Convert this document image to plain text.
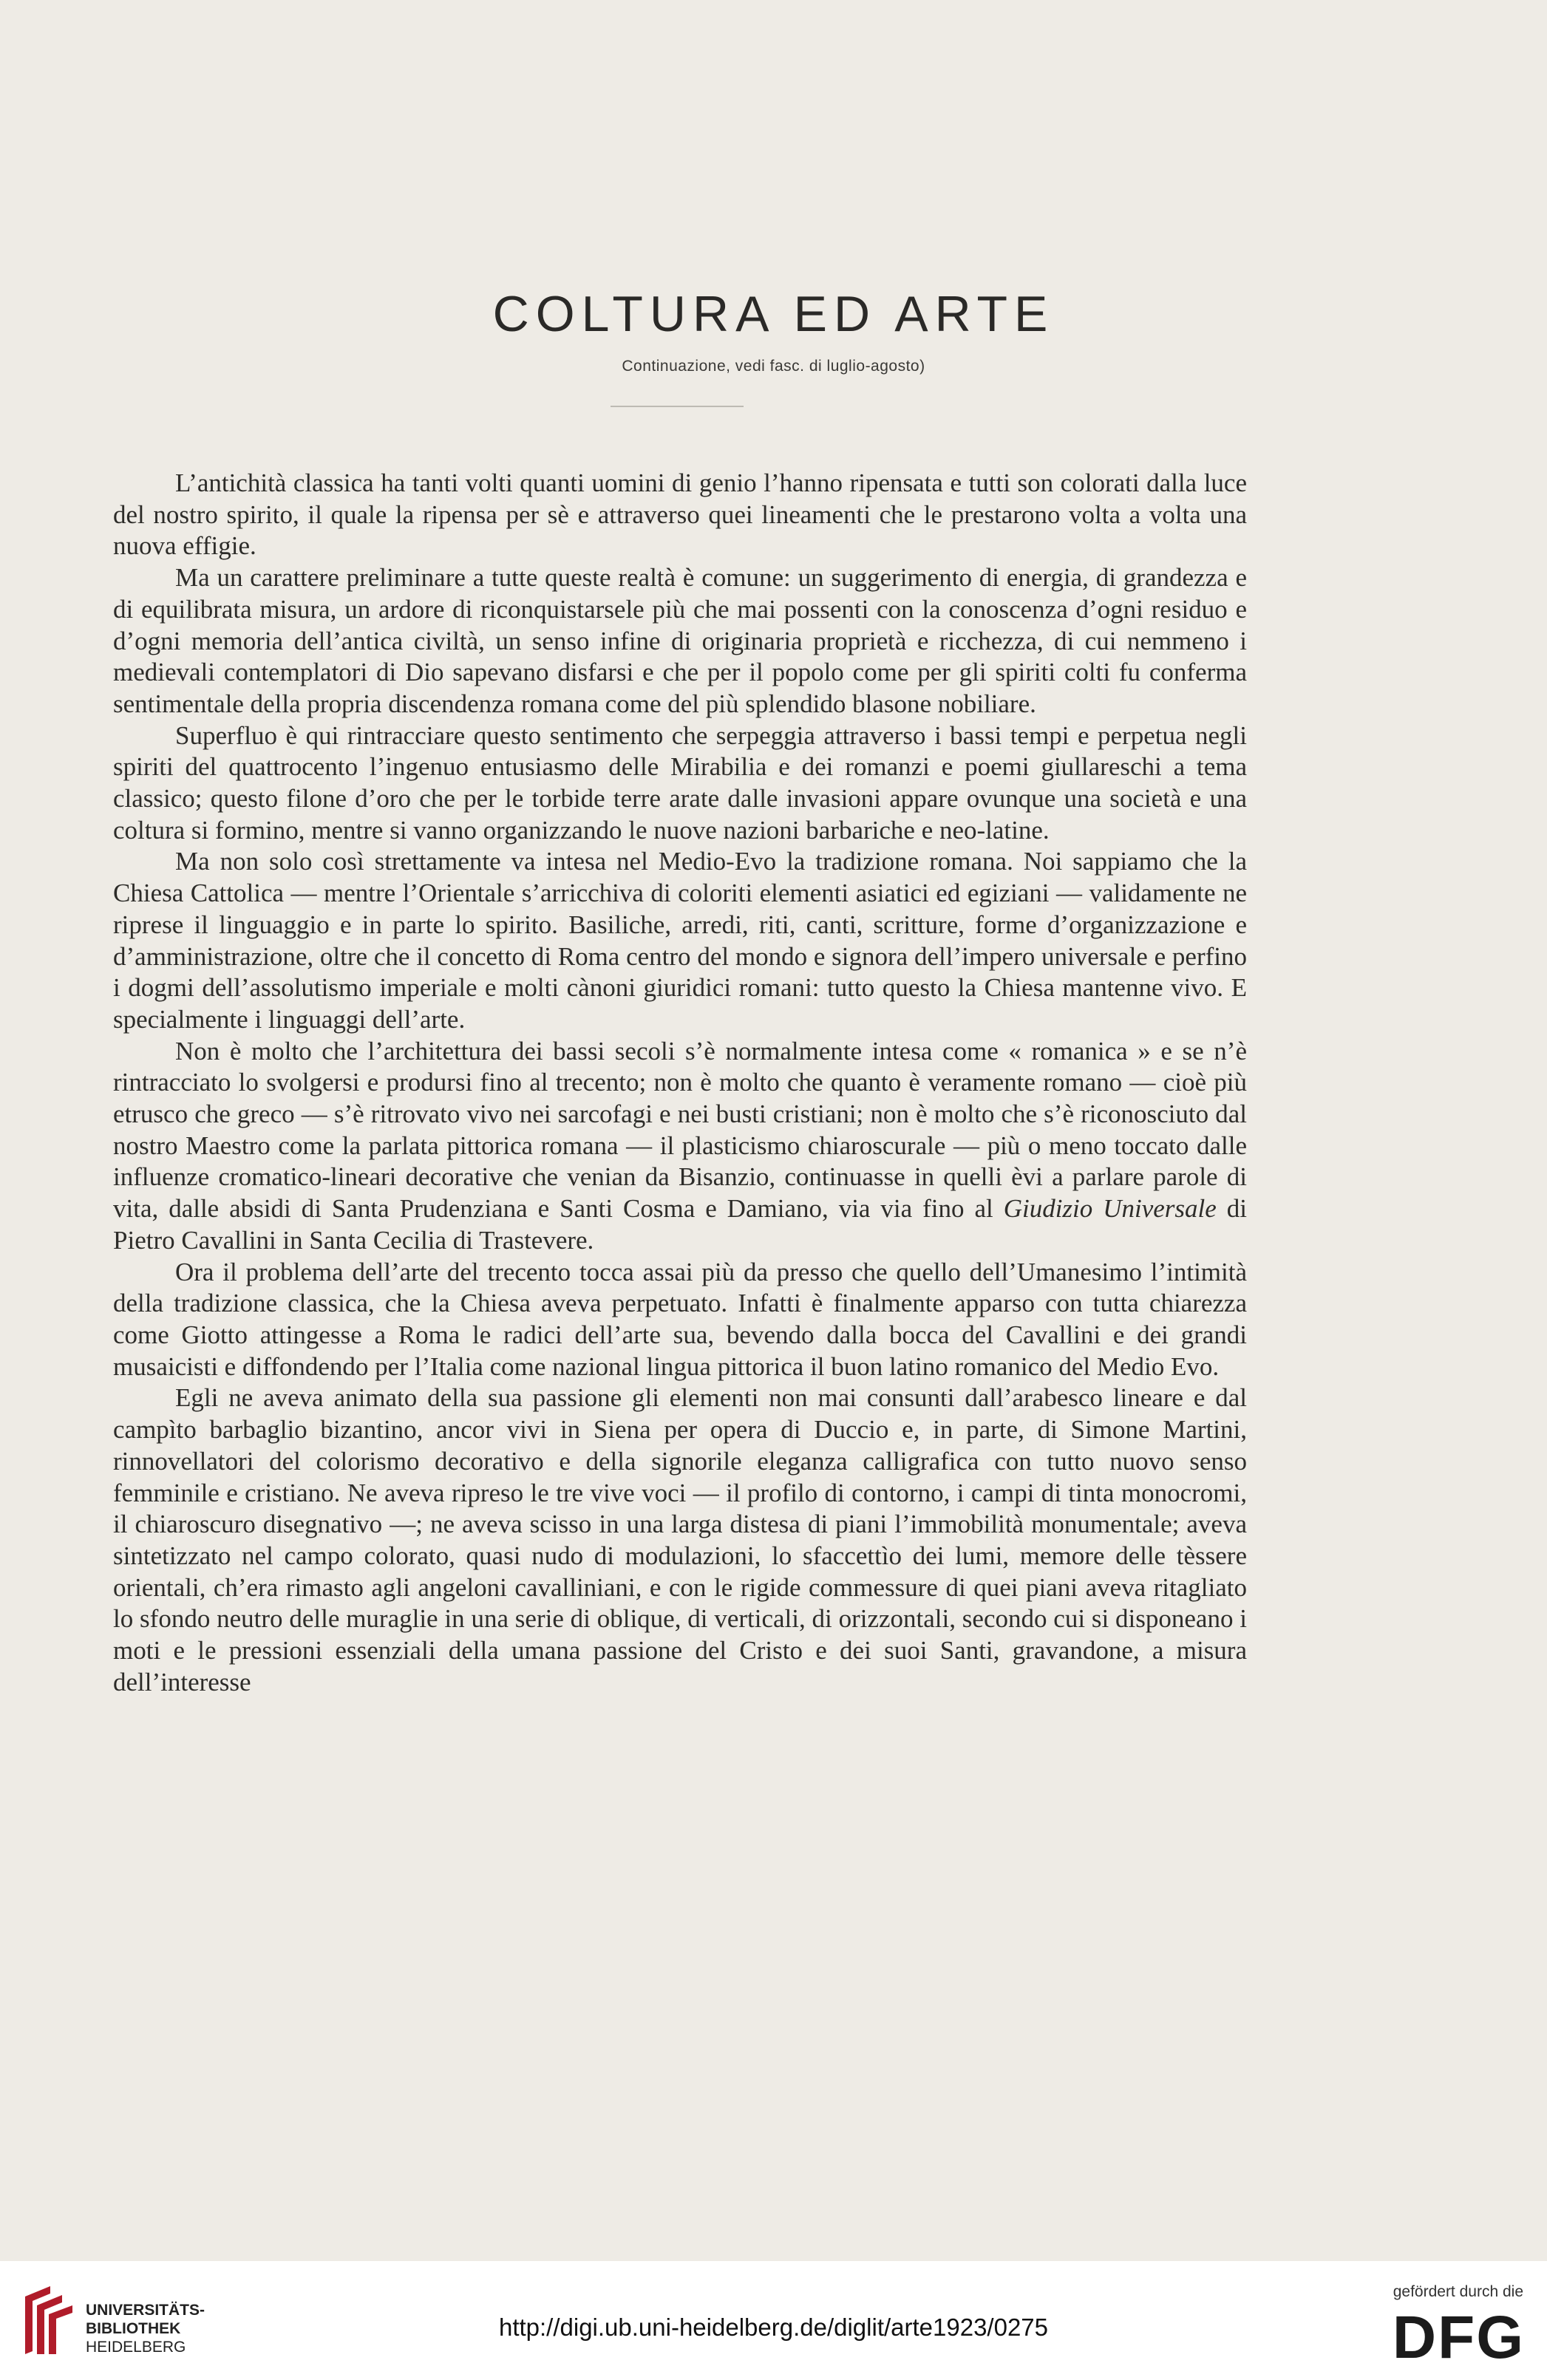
COLTURA ED ARTE
Continuazione, vedi fasc. di luglio-agosto)

L’antichità classica ha tanti volti quanti uomini di genio l’hanno ripensata e tutti son colorati dalla luce del nostro spirito, il quale la ripensa per sè e attraverso quei lineamenti che le prestarono volta a volta una nuova effigie.

Ma un carattere preliminare a tutte queste realtà è comune: un suggerimento di energia, di grandezza e di equilibrata misura, un ardore di riconquistarsele più che mai possenti con la conoscenza d’ogni residuo e d’ogni memoria dell’antica civiltà, un senso infine di originaria proprietà e ricchezza, di cui nemmeno i medievali contemplatori di Dio sapevano disfarsi e che per il popolo come per gli spiriti colti fu conferma sentimentale della propria discendenza romana come del più splendido blasone nobiliare.

Superfluo è qui rintracciare questo sentimento che serpeggia attraverso i bassi tempi e perpetua negli spiriti del quattrocento l’ingenuo entusiasmo delle Mirabilia e dei romanzi e poemi giullareschi a tema classico; questo filone d’oro che per le torbide terre arate dalle invasioni appare ovunque una società e una coltura si formino, mentre si vanno organizzando le nuove nazioni barbariche e neo-latine.

Ma non solo così strettamente va intesa nel Medio-Evo la tradizione romana. Noi sappiamo che la Chiesa Cattolica — mentre l’Orientale s’arricchiva di coloriti elementi asiatici ed egiziani — validamente ne riprese il linguaggio e in parte lo spirito. Basiliche, arredi, riti, canti, scritture, forme d’organizzazione e d’amministrazione, oltre che il concetto di Roma centro del mondo e signora dell’impero universale e perfino i dogmi dell’assolutismo imperiale e molti cànoni giuridici romani: tutto questo la Chiesa mantenne vivo. E specialmente i linguaggi dell’arte.

Non è molto che l’architettura dei bassi secoli s’è normalmente intesa come « romanica » e se n’è rintracciato lo svolgersi e prodursi fino al trecento; non è molto che quanto è veramente romano — cioè più etrusco che greco — s’è ritrovato vivo nei sarcofagi e nei busti cristiani; non è molto che s’è riconosciuto dal nostro Maestro come la parlata pittorica romana — il plasticismo chiaroscurale — più o meno toccato dalle influenze cromatico-lineari decorative che venian da Bisanzio, continuasse in quelli èvi a parlare parole di vita, dalle absidi di Santa Prudenziana e Santi Cosma e Damiano, via via fino al Giudizio Universale di Pietro Cavallini in Santa Cecilia di Trastevere.

Ora il problema dell’arte del trecento tocca assai più da presso che quello dell’Umanesimo l’intimità della tradizione classica, che la Chiesa aveva perpetuato. Infatti è finalmente apparso con tutta chiarezza come Giotto attingesse a Roma le radici dell’arte sua, bevendo dalla bocca del Cavallini e dei grandi musaicisti e diffondendo per l’Italia come nazional lingua pittorica il buon latino romanico del Medio Evo.

Egli ne aveva animato della sua passione gli elementi non mai consunti dall’arabesco lineare e dal campìto barbaglio bizantino, ancor vivi in Siena per opera di Duccio e, in parte, di Simone Martini, rinnovellatori del colorismo decorativo e della signorile eleganza calligrafica con tutto nuovo senso femminile e cristiano. Ne aveva ripreso le tre vive voci — il profilo di contorno, i campi di tinta monocromi, il chiaroscuro disegnativo —; ne aveva scisso in una larga distesa di piani l’immobilità monumentale; aveva sintetizzato nel campo colorato, quasi nudo di modulazioni, lo sfaccettìo dei lumi, memore delle tèssere orientali, ch’era rimasto agli angeloni cavalliniani, e con le rigide commessure di quei piani aveva ritagliato lo sfondo neutro delle muraglie in una serie di oblique, di verticali, di orizzontali, secondo cui si disponeano i moti e le pressioni essenziali della umana passione del Cristo e dei suoi Santi, gravandone, a misura dell’interesse

UNIVERSITÄTS-
BIBLIOTHEK
HEIDELBERG
http://digi.ub.uni-heidelberg.de/diglit/arte1923/0275
gefördert durch die
DFG
